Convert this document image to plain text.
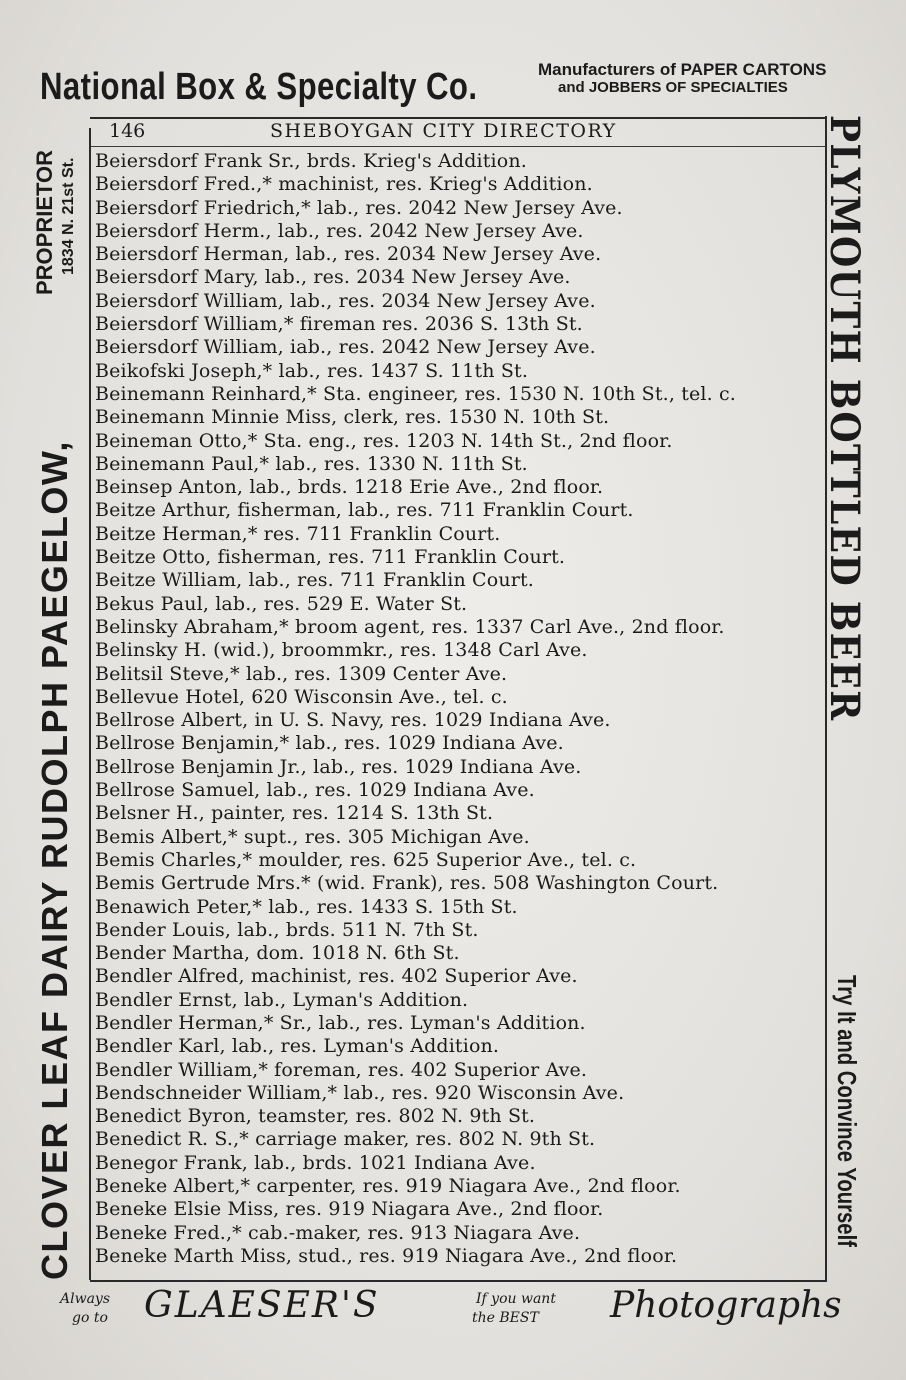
National Box & Specialty Co.	Manufacturers of PAPER CARTONS
and JOBBERS OF SPECIALTIES
146	SHEBOYGAN CITY DIRECTORY
CLOVER LEAF DAIRY RUDOLPH PAEGELOW,
PROPRIETOR 1834 N. 21st St.	PLYMOUTH BOTTLED BEER
Try It and Convince Yourself
Beiersdorf Frank Sr., brds. Krieg's Addition.
Beiersdorf Fred.,* machinist, res. Krieg's Addition.
Beiersdorf Friedrich,* lab., res. 2042 New Jersey Ave.
Beiersdorf Herm., lab., res. 2042 New Jersey Ave.
Beiersdorf Herman, lab., res. 2034 New Jersey Ave.
Beiersdorf Mary, lab., res. 2034 New Jersey Ave.
Beiersdorf William, lab., res. 2034 New Jersey Ave.
Beiersdorf William,* fireman res. 2036 S. 13th St.
Beiersdorf William, iab., res. 2042 New Jersey Ave.
Beikofski Joseph,* lab., res. 1437 S. 11th St.
Beinemann Reinhard,* Sta. engineer, res. 1530 N. 10th St., tel. c.
Beinemann Minnie Miss, clerk, res. 1530 N. 10th St.
Beineman Otto,* Sta. eng., res. 1203 N. 14th St., 2nd floor.
Beinemann Paul,* lab., res. 1330 N. 11th St.
Beinsep Anton, lab., brds. 1218 Erie Ave., 2nd floor.
Beitze Arthur, fisherman, lab., res. 711 Franklin Court.
Beitze Herman,* res. 711 Franklin Court.
Beitze Otto, fisherman, res. 711 Franklin Court.
Beitze William, lab., res. 711 Franklin Court.
Bekus Paul, lab., res. 529 E. Water St.
Belinsky Abraham,* broom agent, res. 1337 Carl Ave., 2nd floor.
Belinsky H. (wid.), broommkr., res. 1348 Carl Ave.
Belitsil Steve,* lab., res. 1309 Center Ave.
Bellevue Hotel, 620 Wisconsin Ave., tel. c.
Bellrose Albert, in U. S. Navy, res. 1029 Indiana Ave.
Bellrose Benjamin,* lab., res. 1029 Indiana Ave.
Bellrose Benjamin Jr., lab., res. 1029 Indiana Ave.
Bellrose Samuel, lab., res. 1029 Indiana Ave.
Belsner H., painter, res. 1214 S. 13th St.
Bemis Albert,* supt., res. 305 Michigan Ave.
Bemis Charles,* moulder, res. 625 Superior Ave., tel. c.
Bemis Gertrude Mrs.* (wid. Frank), res. 508 Washington Court.
Benawich Peter,* lab., res. 1433 S. 15th St.
Bender Louis, lab., brds. 511 N. 7th St.
Bender Martha, dom. 1018 N. 6th St.
Bendler Alfred, machinist, res. 402 Superior Ave.
Bendler Ernst, lab., Lyman's Addition.
Bendler Herman,* Sr., lab., res. Lyman's Addition.
Bendler Karl, lab., res. Lyman's Addition.
Bendler William,* foreman, res. 402 Superior Ave.
Bendschneider William,* lab., res. 920 Wisconsin Ave.
Benedict Byron, teamster, res. 802 N. 9th St.
Benedict R. S.,* carriage maker, res. 802 N. 9th St.
Benegor Frank, lab., brds. 1021 Indiana Ave.
Beneke Albert,* carpenter, res. 919 Niagara Ave., 2nd floor.
Beneke Elsie Miss, res. 919 Niagara Ave., 2nd floor.
Beneke Fred.,* cab.-maker, res. 913 Niagara Ave.
Beneke Marth Miss, stud., res. 919 Niagara Ave., 2nd floor.
Always
go to GLAESER'S	If you want
the BEST Photographs
